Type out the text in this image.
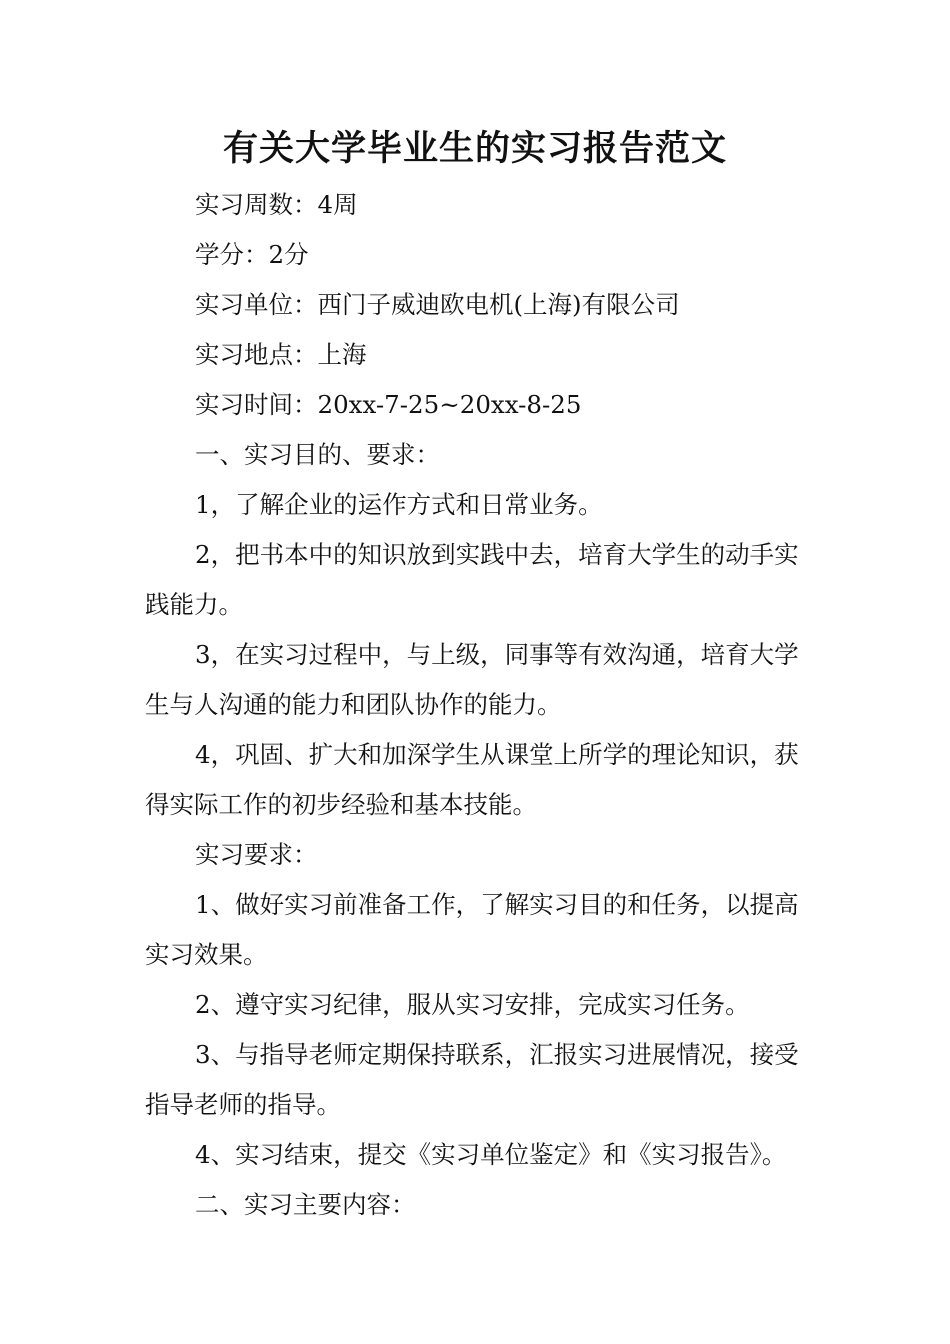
有关大学毕业生的实习报告范文

实习周数：4周

学分：2分

实习单位：西门子威迪欧电机(上海)有限公司

实习地点：上海

实习时间：20xx-7-25~20xx-8-25

一、实习目的、要求：

1，了解企业的运作方式和日常业务。

2，把书本中的知识放到实践中去，培育大学生的动手实践能力。

3，在实习过程中，与上级，同事等有效沟通，培育大学生与人沟通的能力和团队协作的能力。

4，巩固、扩大和加深学生从课堂上所学的理论知识，获得实际工作的初步经验和基本技能。

实习要求：

1、做好实习前准备工作，了解实习目的和任务，以提高实习效果。

2、遵守实习纪律，服从实习安排，完成实习任务。

3、与指导老师定期保持联系，汇报实习进展情况，接受指导老师的指导。

4、实习结束，提交《实习单位鉴定》和《实习报告》。

二、实习主要内容：
